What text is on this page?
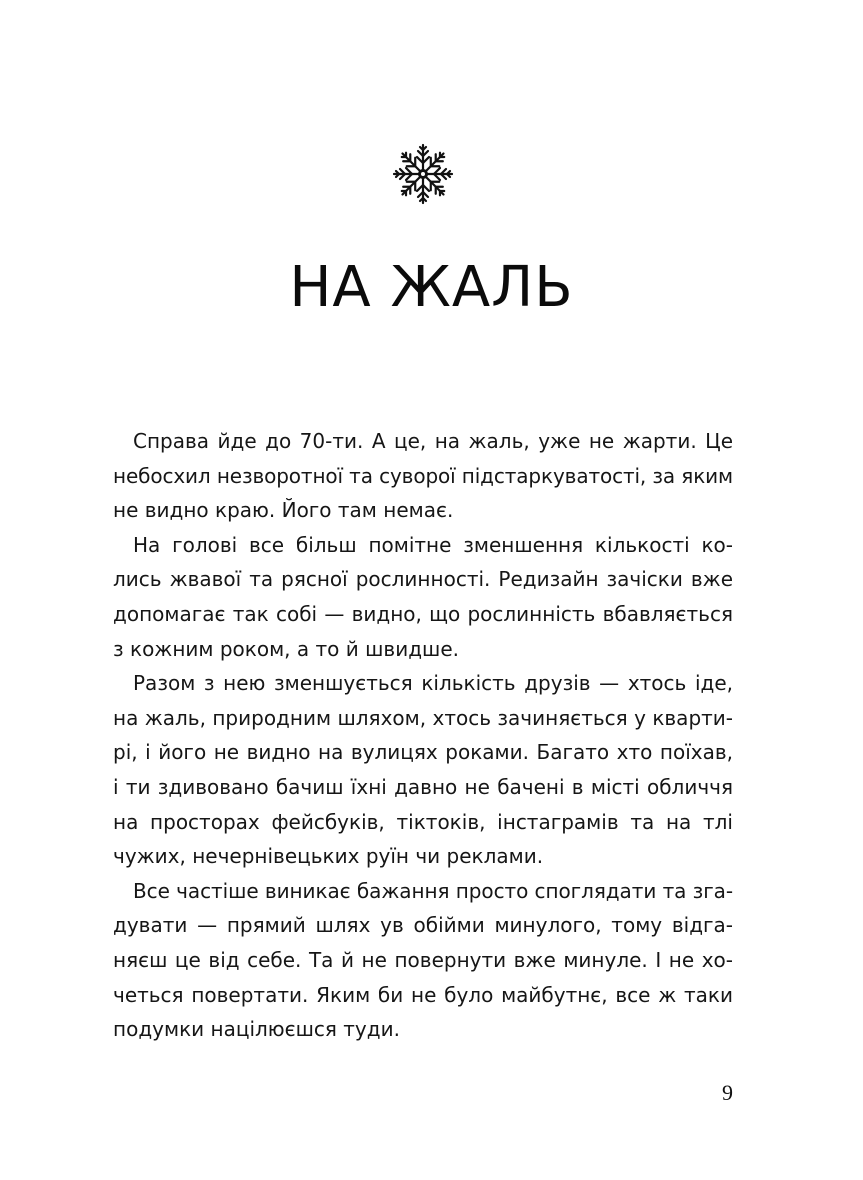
НА ЖАЛЬ
Справа йде до 70-ти. А це, на жаль, уже не жарти. Це
небосхил незворотної та суворої підстаркуватості, за яким
не видно краю. Його там немає.
На голові все більш помітне зменшення кількості ко-
лись жвавої та рясної рослинності. Редизайн зачіски вже
допомагає так собі — видно, що рослинність вбавляється
з кожним роком, а то й швидше.
Разом з нею зменшується кількість друзів — хтось іде,
на жаль, природним шляхом, хтось зачиняється у кварти-
рі, і його не видно на вулицях роками. Багато хто поїхав,
і ти здивовано бачиш їхні давно не бачені в місті обличчя
на просторах фейсбуків, тіктоків, інстаграмів та на тлі
чужих, нечернівецьких руїн чи реклами.
Все частіше виникає бажання просто споглядати та зга-
дувати — прямий шлях ув обійми минулого, тому відга-
няєш це від себе. Та й не повернути вже минуле. І не хо-
четься повертати. Яким би не було майбутнє, все ж таки
подумки націлюєшся туди.
9
